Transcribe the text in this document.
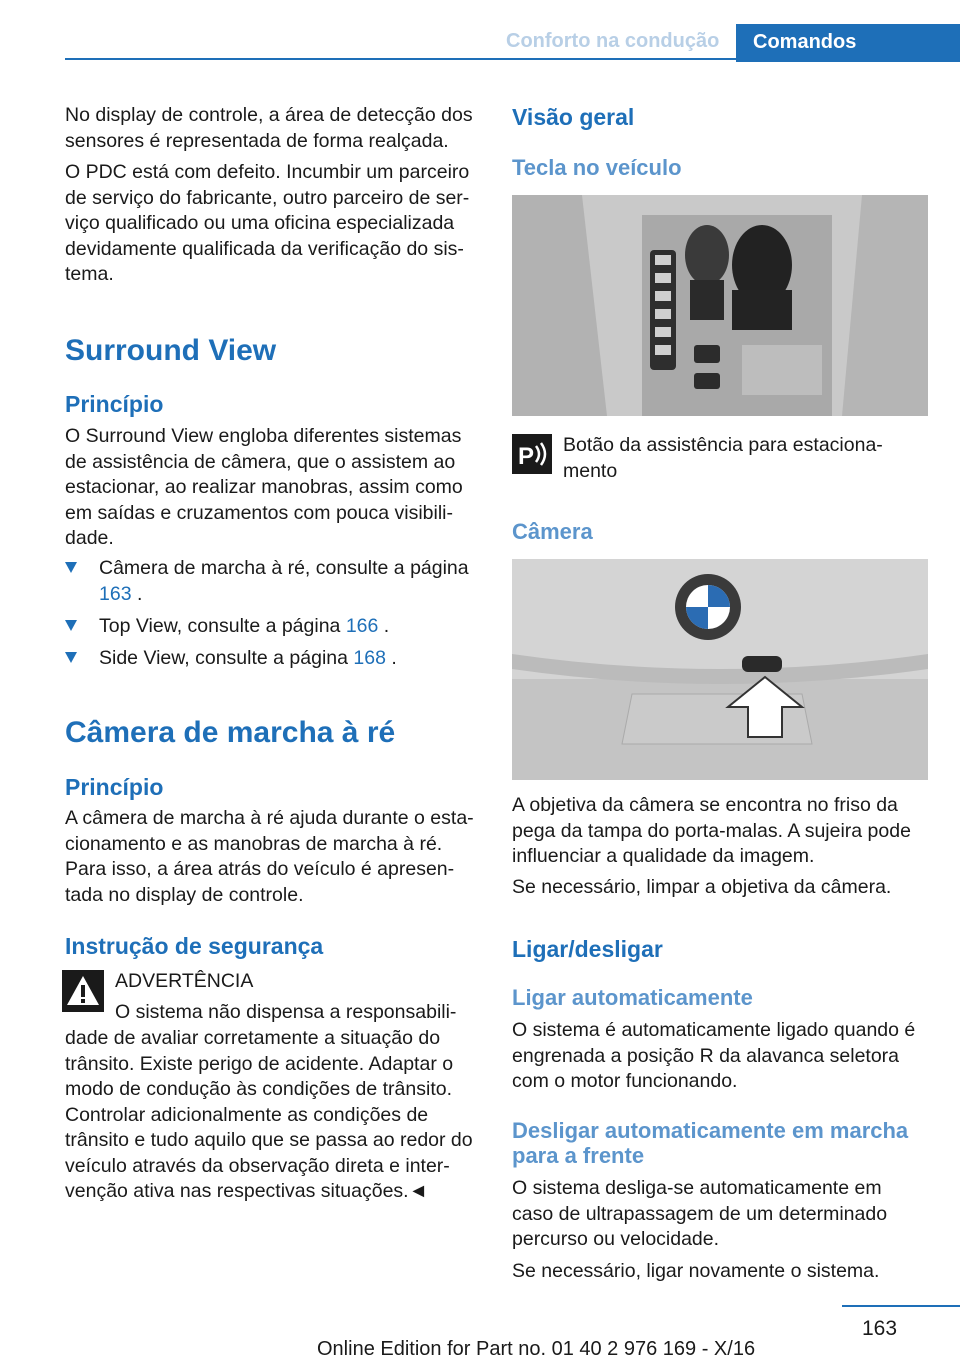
Conforto na condução Comandos

No display de controle, a área de detecção dos sensores é representada de forma realçada.

O PDC está com defeito. Incumbir um parceiro de serviço do fabricante, outro parceiro de ser-viço qualificado ou uma oficina especializada devidamente qualificada da verificação do sis-tema.

Surround View
Princípio

O Surround View engloba diferentes sistemas de assistência de câmera, que o assistem ao estacionar, ao realizar manobras, assim como em saídas e cruzamentos com pouca visibili-dade.

Câmera de marcha à ré, consulte a página
163 .
Top View, consulte a página 166 .
Side View, consulte a página 168 .
Câmera de marcha à ré
Princípio

A câmera de marcha à ré ajuda durante o esta-cionamento e as manobras de marcha à ré. Para isso, a área atrás do veículo é apresen-tada no display de controle.

Instrução de segurança
ADVERTÊNCIA

O sistema não dispensa a responsabili-

dade de avaliar corretamente a situação do trânsito. Existe perigo de acidente. Adaptar o modo de condução às condições de trânsito. Controlar adicionalmente as condições de trânsito e tudo aquilo que se passa ao redor do veículo através da observação direta e inter-venção ativa nas respectivas situações.◄

Visão geral
Tecla no veículo
P Botão da assistência para estaciona-mento

Câmera

A objetiva da câmera se encontra no friso da pega da tampa do porta-malas. A sujeira pode influenciar a qualidade da imagem.

Se necessário, limpar a objetiva da câmera.

Ligar/desligar
Ligar automaticamente

O sistema é automaticamente ligado quando é engrenada a posição R da alavanca seletora com o motor funcionando.

Desligar automaticamente em marcha para a frente

O sistema desliga-se automaticamente em caso de ultrapassagem de um determinado percurso ou velocidade.

Se necessário, ligar novamente o sistema.

163
Online Edition for Part no. 01 40 2 976 169 - X/16
